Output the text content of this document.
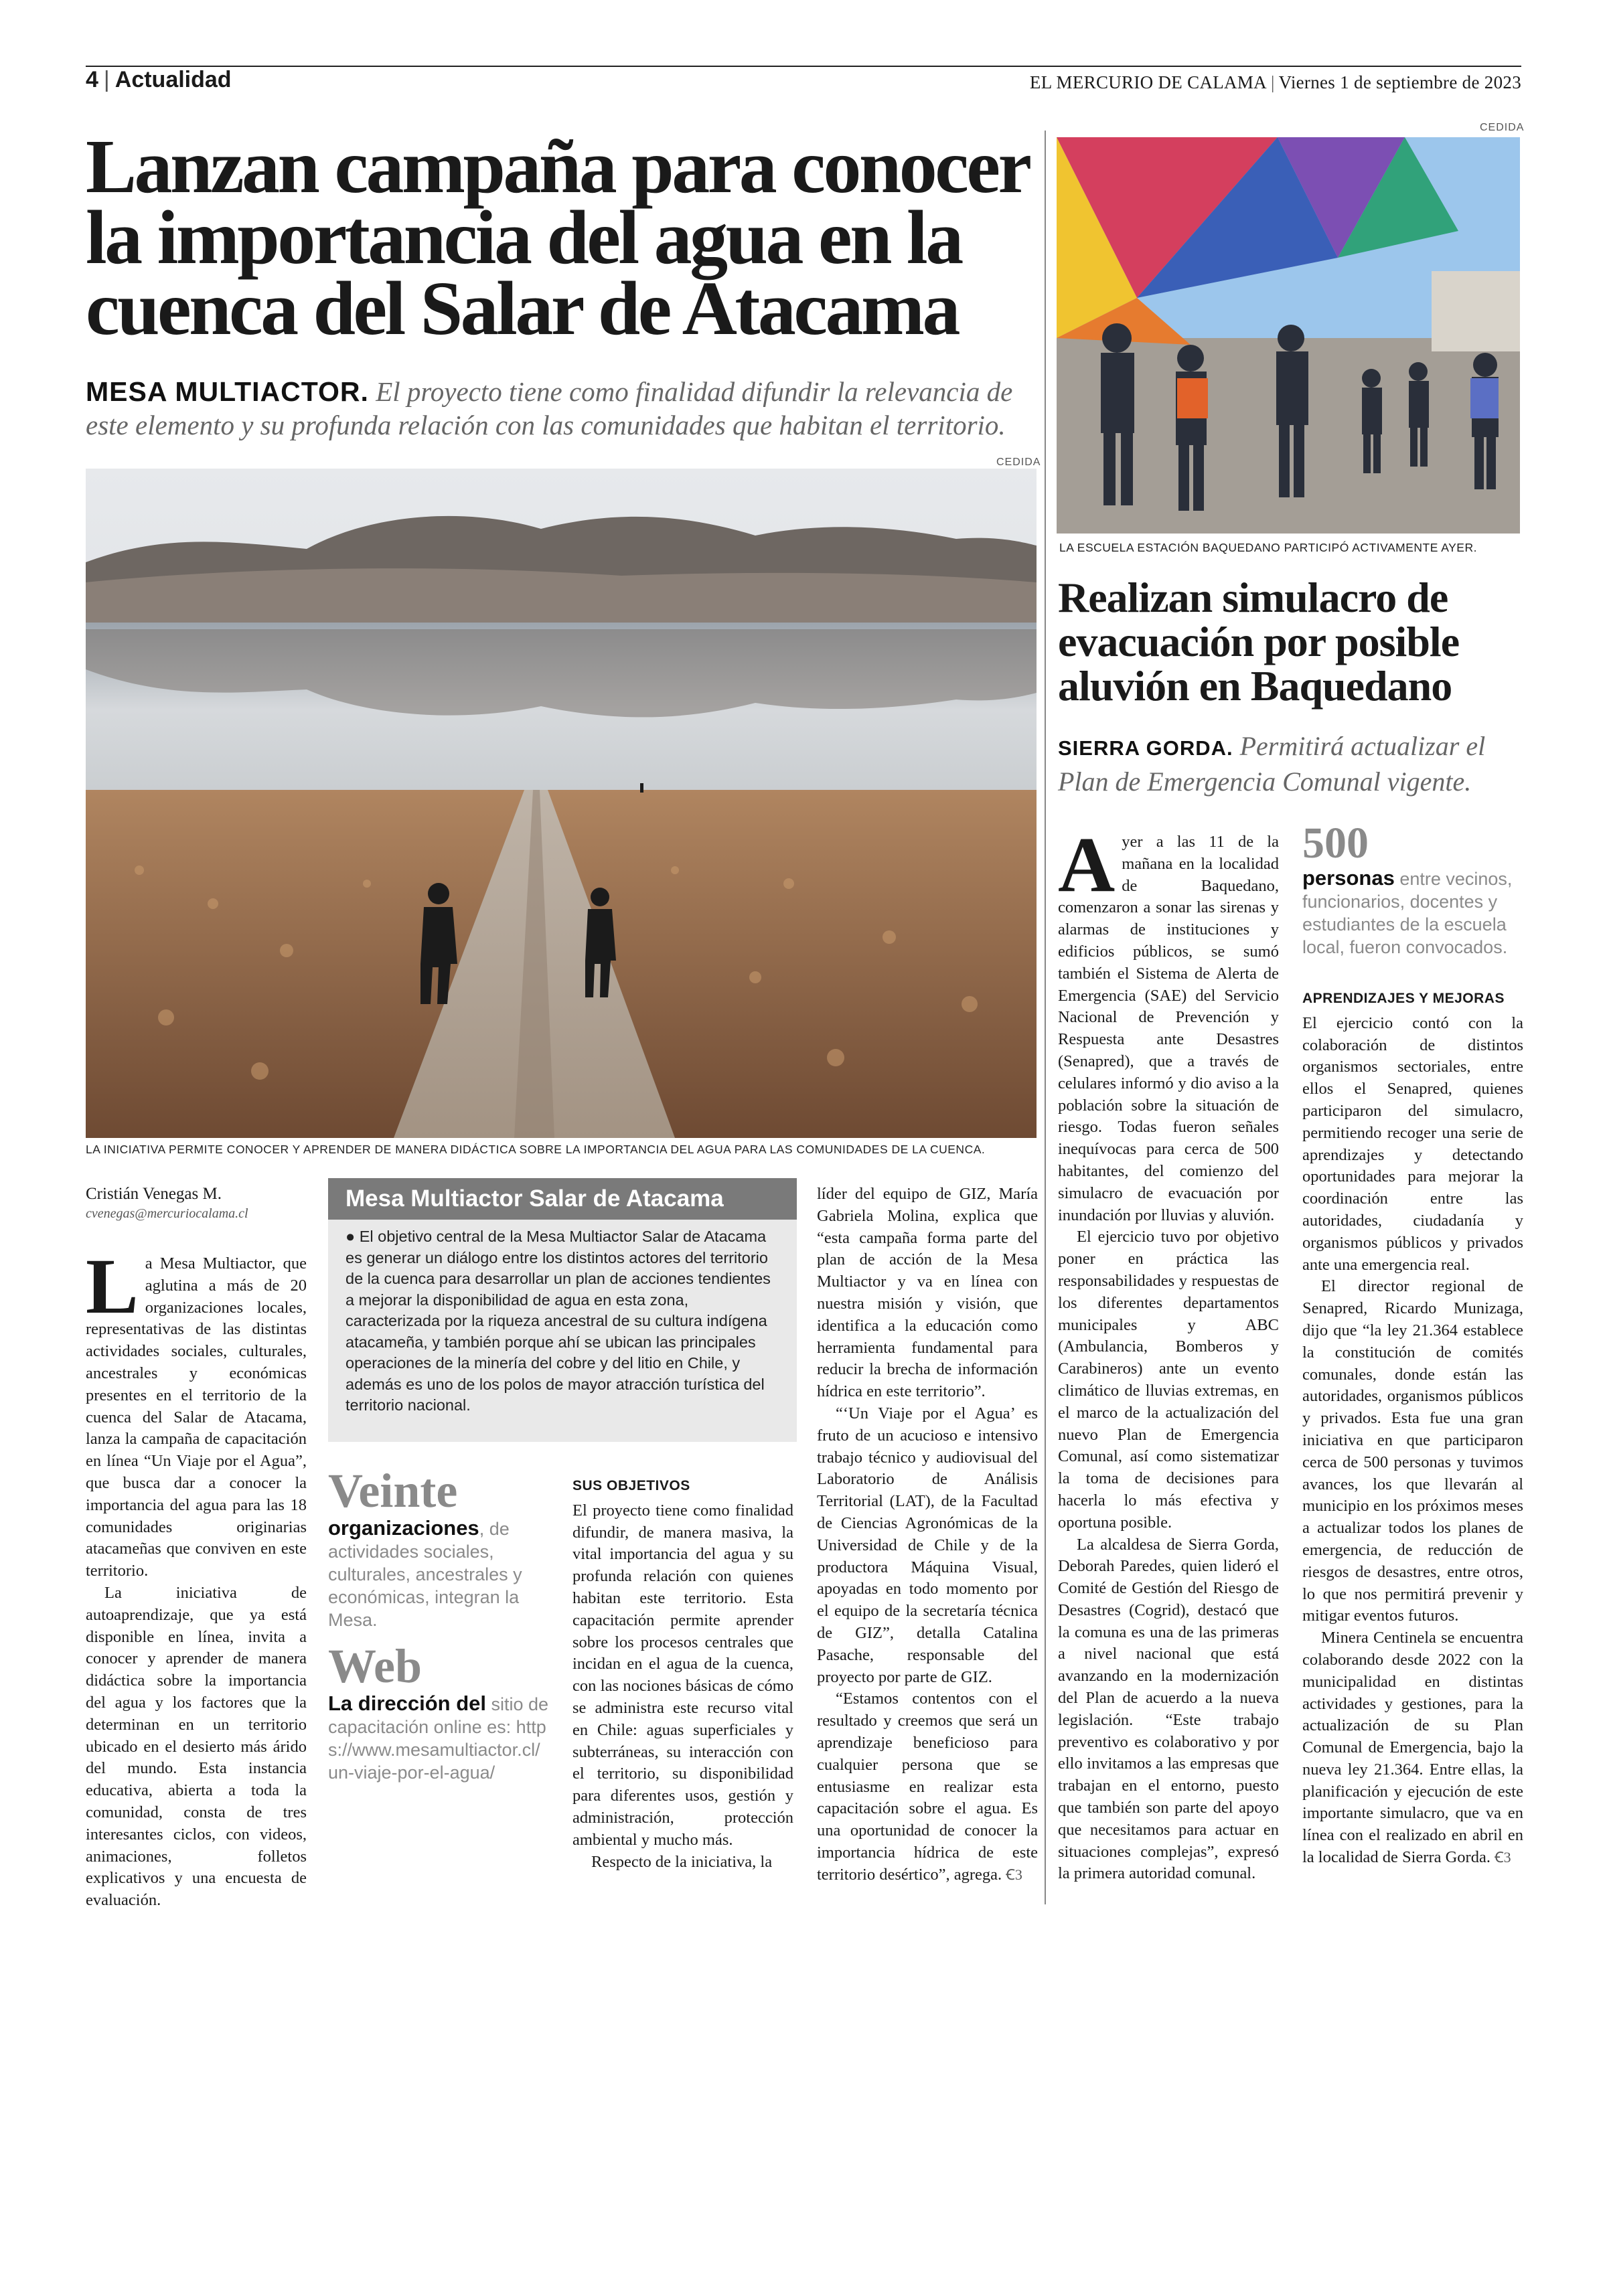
4 | Actualidad	EL MERCURIO DE CALAMA | Viernes 1 de septiembre de 2023
Lanzan campaña para conocer la importancia del agua en la cuenca del Salar de Atacama
MESA MULTIACTOR. El proyecto tiene como finalidad difundir la relevancia de este elemento y su profunda relación con las comunidades que habitan el territorio.
CEDIDA
LA INICIATIVA PERMITE CONOCER Y APRENDER DE MANERA DIDÁCTICA SOBRE LA IMPORTANCIA DEL AGUA PARA LAS COMUNIDADES DE LA CUENCA.
Cristián Venegas M.
cvenegas@mercuriocalama.cl

La Mesa Multiactor, que aglutina a más de 20 organizaciones locales, representativas de las distintas actividades sociales, culturales, ancestrales y económicas presentes en el territorio de la cuenca del Salar de Atacama, lanza la campaña de capacitación en línea “Un Viaje por el Agua”, que busca dar a conocer la importancia del agua para las 18 comunidades originarias atacameñas que conviven en este territorio.

La iniciativa de autoaprendizaje, que ya está disponible en línea, invita a conocer y aprender de manera didáctica sobre la importancia del agua y los factores que la determinan en un territorio ubicado en el desierto más árido del mundo. Esta instancia educativa, abierta a toda la comunidad, consta de tres interesantes ciclos, con videos, animaciones, folletos explicativos y una encuesta de evaluación.

Mesa Multiactor Salar de Atacama
● El objetivo central de la Mesa Multiactor Salar de Atacama es generar un diálogo entre los distintos actores del territorio de la cuenca para desarrollar un plan de acciones tendientes a mejorar la disponibilidad de agua en esta zona, caracterizada por la riqueza ancestral de su cultura indígena atacameña, y también porque ahí se ubican las principales operaciones de la minería del cobre y del litio en Chile, y además es uno de los polos de mayor atracción turística del territorio nacional.
Veinte
organizaciones, de actividades sociales, culturales, ancestrales y económicas, integran la Mesa.
Web
La dirección del sitio de capacitación online es: https://www.mesamultiactor.cl/un-viaje-por-el-agua/
SUS OBJETIVOS

El proyecto tiene como finalidad difundir, de manera masiva, la vital importancia del agua y su profunda relación con quienes habitan este territorio. Esta capacitación permite aprender sobre los procesos centrales que incidan en el agua de la cuenca, con las nociones básicas de cómo se administra este recurso vital en Chile: aguas superficiales y subterráneas, su interacción con el territorio, su disponibilidad para diferentes usos, gestión y administración, protección ambiental y mucho más.

Respecto de la iniciativa, la

líder del equipo de GIZ, María Gabriela Molina, explica que “esta campaña forma parte del plan de acción de la Mesa Multiactor y va en línea con nuestra misión y visión, que identifica a la educación como herramienta fundamental para reducir la brecha de información hídrica en este territorio”.

“‘Un Viaje por el Agua’ es fruto de un acucioso e intensivo trabajo técnico y audiovisual del Laboratorio de Análisis Territorial (LAT), de la Facultad de Ciencias Agronómicas de la Universidad de Chile y de la productora Máquina Visual, apoyadas en todo momento por el equipo de la secretaría técnica de GIZ”, detalla Catalina Pasache, responsable del proyecto por parte de GIZ.

“Estamos contentos con el resultado y creemos que será un aprendizaje beneficioso para cualquier persona que se entusiasme en realizar esta capacitación sobre el agua. Es una oportunidad de conocer la importancia hídrica de este territorio desértico”, agrega. Ꞓ3

CEDIDA
LA ESCUELA ESTACIÓN BAQUEDANO PARTICIPÓ ACTIVAMENTE AYER.
Realizan simulacro de evacuación por posible aluvión en Baquedano
SIERRA GORDA. Permitirá actualizar el Plan de Emergencia Comunal vigente.

Ayer a las 11 de la mañana en la localidad de Baquedano, comenzaron a sonar las sirenas y alarmas de instituciones y edificios públicos, se sumó también el Sistema de Alerta de Emergencia (SAE) del Servicio Nacional de Prevención y Respuesta ante Desastres (Senapred), que a través de celulares informó y dio aviso a la población sobre la situación de riesgo. Todas fueron señales inequívocas para cerca de 500 habitantes, del comienzo del simulacro de evacuación por inundación por lluvias y aluvión.

El ejercicio tuvo por objetivo poner en práctica las responsabilidades y respuestas de los diferentes departamentos municipales y ABC (Ambulancia, Bomberos y Carabineros) ante un evento climático de lluvias extremas, en el marco de la actualización del nuevo Plan de Emergencia Comunal, así como sistematizar la toma de decisiones para hacerla lo más efectiva y oportuna posible.

La alcaldesa de Sierra Gorda, Deborah Paredes, quien lideró el Comité de Gestión del Riesgo de Desastres (Cogrid), destacó que la comuna es una de las primeras a nivel nacional que está avanzando en la modernización del Plan de acuerdo a la nueva legislación. “Este trabajo preventivo es colaborativo y por ello invitamos a las empresas que trabajan en el entorno, puesto que también son parte del apoyo que necesitamos para actuar en situaciones complejas”, expresó la primera autoridad comunal.

500
personas entre vecinos, funcionarios, docentes y estudiantes de la escuela local, fueron convocados.
APRENDIZAJES Y MEJORAS

El ejercicio contó con la colaboración de distintos organismos sectoriales, entre ellos el Senapred, quienes participaron del simulacro, permitiendo recoger una serie de aprendizajes y detectando oportunidades para mejorar la coordinación entre las autoridades, ciudadanía y organismos públicos y privados ante una emergencia real.

El director regional de Senapred, Ricardo Munizaga, dijo que “la ley 21.364 establece la constitución de comités comunales, donde están las autoridades, organismos públicos y privados. Esta fue una gran iniciativa en que participaron cerca de 500 personas y tuvimos avances, los que llevarán al municipio en los próximos meses a actualizar todos los planes de emergencia, de reducción de riesgos de desastres, entre otros, lo que nos permitirá prevenir y mitigar eventos futuros.

Minera Centinela se encuentra colaborando desde 2022 con la municipalidad en distintas actividades y gestiones, para la actualización de su Plan Comunal de Emergencia, bajo la nueva ley 21.364. Entre ellas, la planificación y ejecución de este importante simulacro, que va en línea con el realizado en abril en la localidad de Sierra Gorda. Ꞓ3
